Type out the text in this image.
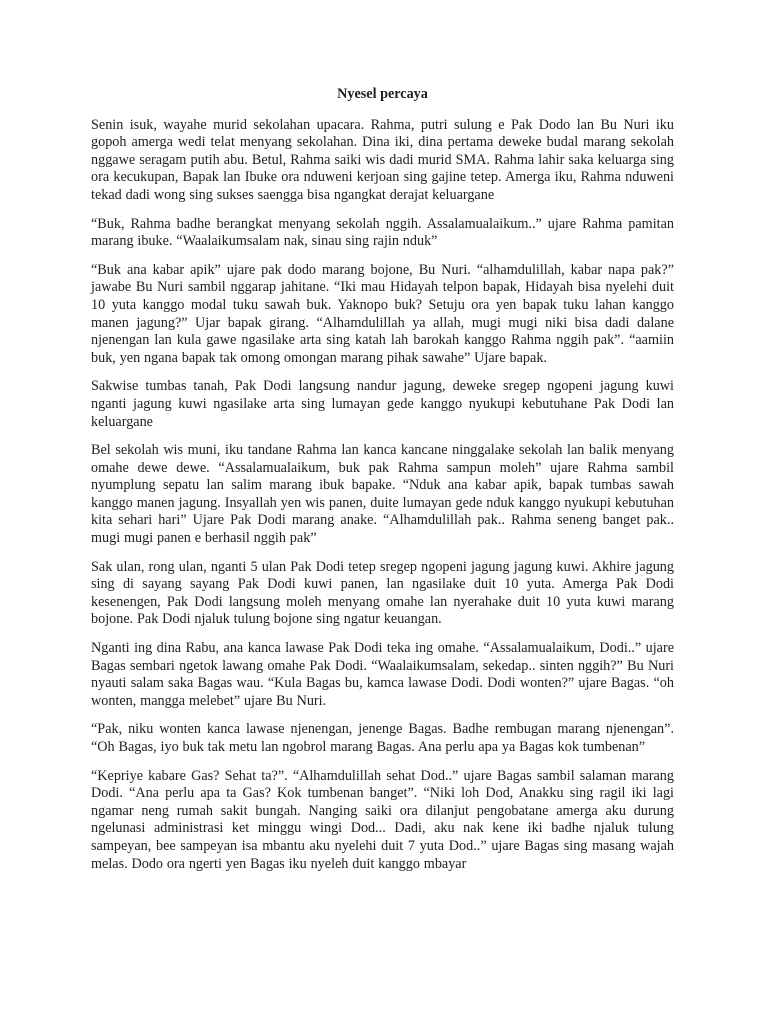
Nyesel percaya

Senin isuk, wayahe murid sekolahan upacara. Rahma, putri sulung e Pak Dodo lan Bu Nuri iku gopoh amerga wedi telat menyang sekolahan. Dina iki, dina pertama deweke budal marang sekolah nggawe seragam putih abu. Betul, Rahma saiki wis dadi murid SMA. Rahma lahir saka keluarga sing ora kecukupan, Bapak lan Ibuke ora nduweni kerjoan sing gajine tetep. Amerga iku, Rahma nduweni tekad dadi wong sing sukses saengga bisa ngangkat derajat keluargane

“Buk, Rahma badhe berangkat menyang sekolah nggih. Assalamualaikum..” ujare Rahma pamitan marang ibuke. “Waalaikumsalam nak, sinau sing rajin nduk”

“Buk ana kabar apik” ujare pak dodo marang bojone, Bu Nuri. “alhamdulillah, kabar napa pak?” jawabe Bu Nuri sambil nggarap jahitane. “Iki mau Hidayah telpon bapak, Hidayah bisa nyelehi duit 10 yuta kanggo modal tuku sawah buk. Yaknopo buk? Setuju ora yen bapak tuku lahan kanggo manen jagung?” Ujar bapak girang. “Alhamdulillah ya allah, mugi mugi niki bisa dadi dalane njenengan lan kula gawe ngasilake arta sing katah lah barokah kanggo Rahma nggih pak”. “aamiin buk, yen ngana bapak tak omong omongan marang pihak sawahe” Ujare bapak.

Sakwise tumbas tanah, Pak Dodi langsung nandur jagung, deweke sregep ngopeni jagung kuwi nganti jagung kuwi ngasilake arta sing lumayan gede kanggo nyukupi kebutuhane Pak Dodi lan keluargane

Bel sekolah wis muni, iku tandane Rahma lan kanca kancane ninggalake sekolah lan balik menyang omahe dewe dewe. “Assalamualaikum, buk pak Rahma sampun moleh” ujare Rahma sambil nyumplung sepatu lan salim marang ibuk bapake. “Nduk ana kabar apik, bapak tumbas sawah kanggo manen jagung. Insyallah yen wis panen, duite lumayan gede nduk kanggo nyukupi kebutuhan kita sehari hari” Ujare Pak Dodi marang anake. “Alhamdulillah pak.. Rahma seneng banget pak.. mugi mugi panen e berhasil nggih pak”

Sak ulan, rong ulan, nganti 5 ulan Pak Dodi tetep sregep ngopeni jagung jagung kuwi. Akhire jagung sing di sayang sayang Pak Dodi kuwi panen, lan ngasilake duit 10 yuta. Amerga Pak Dodi kesenengen, Pak Dodi langsung moleh menyang omahe lan nyerahake duit 10 yuta kuwi marang bojone. Pak Dodi njaluk tulung bojone sing ngatur keuangan.

Nganti ing dina Rabu, ana kanca lawase Pak Dodi teka ing omahe. “Assalamualaikum, Dodi..” ujare Bagas sembari ngetok lawang omahe Pak Dodi. “Waalaikumsalam, sekedap.. sinten nggih?” Bu Nuri nyauti salam saka Bagas wau. “Kula Bagas bu, kamca lawase Dodi. Dodi wonten?” ujare Bagas. “oh wonten, mangga melebet” ujare Bu Nuri.

“Pak, niku wonten kanca lawase njenengan, jenenge Bagas. Badhe rembugan marang njenengan”. “Oh Bagas, iyo buk tak metu lan ngobrol marang Bagas. Ana perlu apa ya Bagas kok tumbenan”

“Kepriye kabare Gas? Sehat ta?”. “Alhamdulillah sehat Dod..” ujare Bagas sambil salaman marang Dodi. “Ana perlu apa ta Gas? Kok tumbenan banget”. “Niki loh Dod, Anakku sing ragil iki lagi ngamar neng rumah sakit bungah. Nanging saiki ora dilanjut pengobatane amerga aku durung ngelunasi administrasi ket minggu wingi Dod... Dadi, aku nak kene iki badhe njaluk tulung sampeyan, bee sampeyan isa mbantu aku nyelehi duit 7 yuta Dod..” ujare Bagas sing masang wajah melas. Dodo ora ngerti yen Bagas iku nyeleh duit kanggo mbayar
